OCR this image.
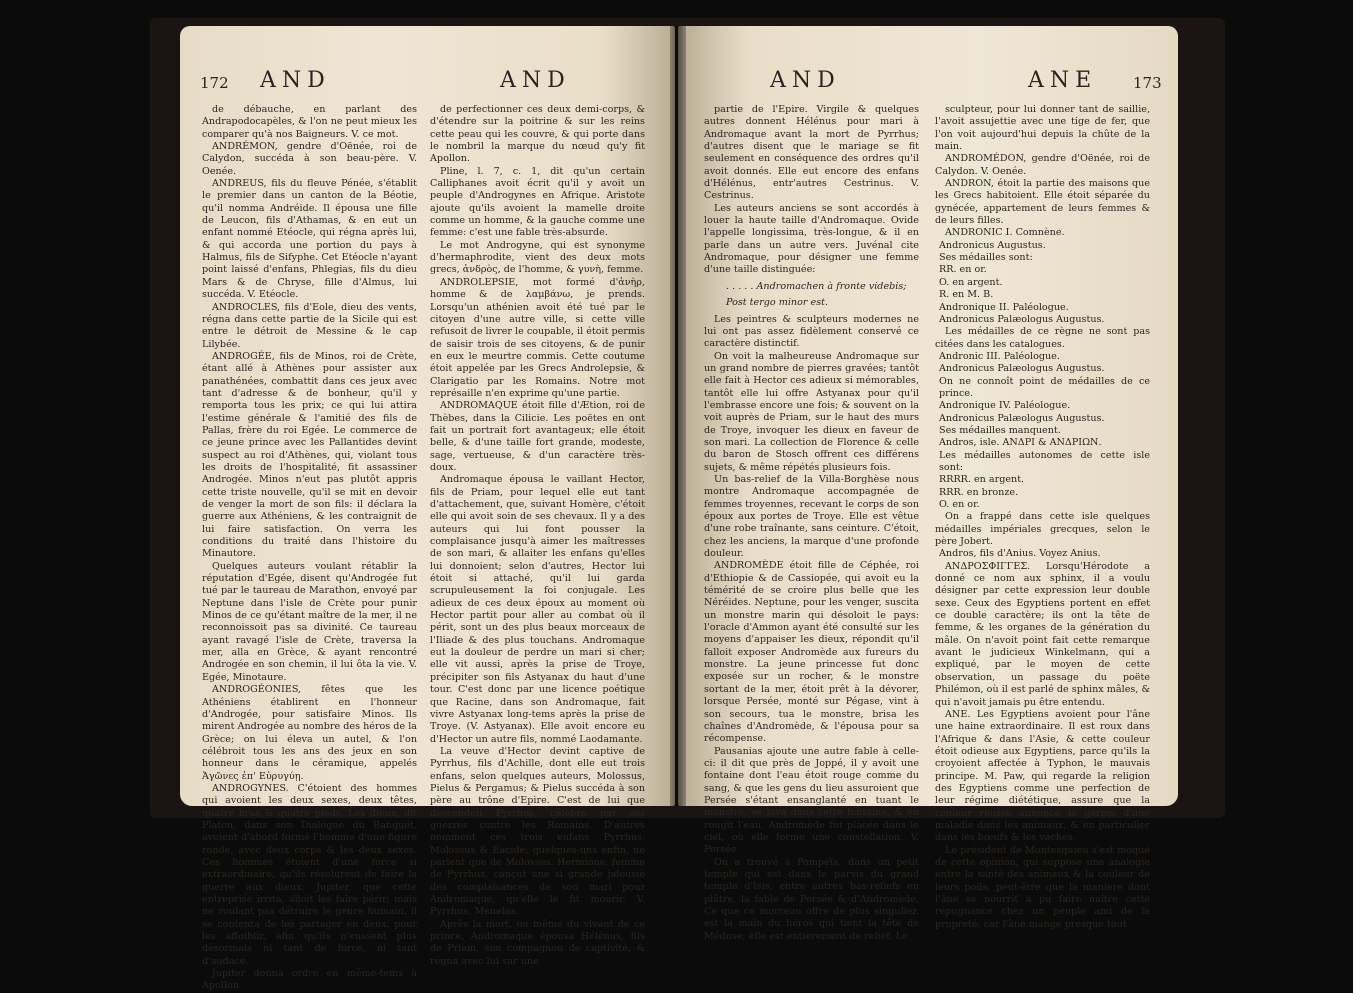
172 AND	AND

de débauche, en parlant des Andrapodocapèles, & l'on ne peut mieux les comparer qu'à nos Baigneurs. V. ce mot.

ANDRÉMON, gendre d'Oënée, roi de Calydon, succéda à son beau-père. V. Oenée.

ANDREUS, fils du fleuve Pénée, s'établit le premier dans un canton de la Béotie, qu'il nomma Andréide. Il épousa une fille de Leucon, fils d'Athamas, & en eut un enfant nommé Etéocle, qui régna après lui, & qui accorda une portion du pays à Halmus, fils de Sifyphe. Cet Etéocle n'ayant point laissé d'enfans, Phlegias, fils du dieu Mars & de Chryse, fille d'Almus, lui succéda. V. Etéocle.

ANDROCLES, fils d'Eole, dieu des vents, régna dans cette partie de la Sicile qui est entre le détroit de Messine & le cap Lilybée.

ANDROGÉE, fils de Minos, roi de Crète, étant allé à Athènes pour assister aux panathénées, combattit dans ces jeux avec tant d'adresse & de bonheur, qu'il y remporta tous les prix; ce qui lui attira l'estime générale & l'amitié des fils de Pallas, frère du roi Egée. Le commerce de ce jeune prince avec les Pallantides devint suspect au roi d'Athènes, qui, violant tous les droits de l'hospitalité, fit assassiner Androgée. Minos n'eut pas plutôt appris cette triste nouvelle, qu'il se mit en devoir de venger la mort de son fils: il déclara la guerre aux Athéniens, & les contraignit de lui faire satisfaction. On verra les conditions du traité dans l'histoire du Minautore.

Quelques auteurs voulant rétablir la réputation d'Egée, disent qu'Androgée fut tué par le taureau de Marathon, envoyé par Neptune dans l'isle de Crète pour punir Minos de ce qu'étant maître de la mer, il ne reconnoissoit pas sa divinité. Ce taureau ayant ravagé l'isle de Crète, traversa la mer, alla en Grèce, & ayant rencontré Androgée en son chemin, il lui ôta la vie. V. Egée, Minotaure.

ANDROGÉONIES, fêtes que les Athéniens établirent en l'honneur d'Androgée, pour satisfaire Minos. Ils mirent Androgée au nombre des héros de la Grèce; on lui éleva un autel, & l'on célébroit tous les ans des jeux en son honneur dans le céramique, appelés Ἀγῶνες ἐπ' Εὐρυγύῃ.

ANDROGYNES. C'étoient des hommes qui avoient les deux sexes, deux têtes, quatre bras & quatre pieds. Les dieux, dit Platon, dans son Dialogue du Banquet, avoient d'abord formé l'homme d'une figure ronde, avec deux corps & les deux sexes. Ces hommes étoient d'une force si extraordinaire, qu'ils résolurent de faire la guerre aux dieux. Jupiter, que cette entreprise irrita, alloit les faire périr; mais ne voulant pas détruire le genre humain, il se contenta de les partager en deux, pour les affoiblir, afin qu'ils n'eussent plus désormais ni tant de force, ni tant d'audace.

Jupiter donna ordre en même-tems à Apollon

de perfectionner ces deux demi-corps, & d'étendre sur la poitrine & sur les reins cette peau qui les couvre, & qui porte dans le nombril la marque du nœud qu'y fit Apollon.

Pline, l. 7, c. 1, dit qu'un certain Calliphanes avoit écrit qu'il y avoit un peuple d'Androgynes en Afrique. Aristote ajoute qu'ils avoient la mamelle droite comme un homme, & la gauche comme une femme: c'est une fable très-absurde.

Le mot Androgyne, qui est synonyme d'hermaphrodite, vient des deux mots grecs, ἀνδρὸς, de l'homme, & γυνὴ, femme.

ANDROLEPSIE, mot formé d'ἀνὴρ, homme & de λαμβάνω, je prends. Lorsqu'un athénien avoit été tué par le citoyen d'une autre ville, si cette ville refusoit de livrer le coupable, il étoit permis de saisir trois de ses citoyens, & de punir en eux le meurtre commis. Cette coutume étoit appelée par les Grecs Androlepsie, & Clarigatio par les Romains. Notre mot représaille n'en exprime qu'une partie.

ANDROMAQUE étoit fille d'Ætion, roi de Thèbes, dans la Cilicie. Les poëtes en ont fait un portrait fort avantageux; elle étoit belle, & d'une taille fort grande, modeste, sage, vertueuse, & d'un caractère très-doux.

Andromaque épousa le vaillant Hector, fils de Priam, pour lequel elle eut tant d'attachement, que, suivant Homère, c'étoit elle qui avoit soin de ses chevaux. Il y a des auteurs qui lui font pousser la complaisance jusqu'à aimer les maîtresses de son mari, & allaiter les enfans qu'elles lui donnoient; selon d'autres, Hector lui étoit si attaché, qu'il lui garda scrupuleusement la foi conjugale. Les adieux de ces deux époux au moment où Hector partit pour aller au combat où il périt, sont un des plus beaux morceaux de l'Iliade & des plus touchans. Andromaque eut la douleur de perdre un mari si cher; elle vit aussi, après la prise de Troye, précipiter son fils Astyanax du haut d'une tour. C'est donc par une licence poétique que Racine, dans son Andromaque, fait vivre Astyanax long-tems après la prise de Troye. (V. Astyanax). Elle avoit encore eu d'Hector un autre fils, nommé Laodamante.

La veuve d'Hector devint captive de Pyrrhus, fils d'Achille, dont elle eut trois enfans, selon quelques auteurs, Molossus, Pielus & Pergamus; & Pielus succéda à son père au trône d'Epire. C'est de lui que descendoit Pyrrhus, célèbre par ses guerres contre les Romains. D'autres nomment ces trois enfans Pyrrhus, Molossus & Eacide; quelques-uns enfin, ne parlent que de Molossus. Hermione, femme de Pyrrhus, conçut une si grande jalousie des complaisances de son mari pour Andromaque, qu'elle le fit mourir. V. Pyrrhus, Menelas.

Après la mort, ou même du vivant de ce prince, Andromaque épousa Hélénus, fils de Priam, son compagnon de captivité, & régna avec lui sur une

AND	ANE 173

partie de l'Epire. Virgile & quelques autres donnent Hélénus pour mari à Andromaque avant la mort de Pyrrhus; d'autres disent que le mariage se fit seulement en conséquence des ordres qu'il avoit donnés. Elle eut encore des enfans d'Hélénus, entr'autres Cestrinus. V. Cestrinus.

Les auteurs anciens se sont accordés à louer la haute taille d'Andromaque. Ovide l'appelle longissima, très-longue, & il en parle dans un autre vers. Juvénal cite Andromaque, pour désigner une femme d'une taille distinguée:

. . . . . Andromachen à fronte videbis;

Post tergo minor est.

Les peintres & sculpteurs modernes ne lui ont pas assez fidèlement conservé ce caractère distinctif.

On voit la malheureuse Andromaque sur un grand nombre de pierres gravées; tantôt elle fait à Hector ces adieux si mémorables, tantôt elle lui offre Astyanax pour qu'il l'embrasse encore une fois; & souvent on la voit auprès de Priam, sur le haut des murs de Troye, invoquer les dieux en faveur de son mari. La collection de Florence & celle du baron de Stosch offrent ces différens sujets, & même répétés plusieurs fois.

Un bas-relief de la Villa-Borghèse nous montre Andromaque accompagnée de femmes troyennes, recevant le corps de son époux aux portes de Troye. Elle est vêtue d'une robe traînante, sans ceinture. C'étoit, chez les anciens, la marque d'une profonde douleur.

ANDROMÈDE étoit fille de Céphée, roi d'Ethiopie & de Cassiopée, qui avoit eu la témérité de se croire plus belle que les Néréides. Neptune, pour les venger, suscita un monstre marin qui désoloit le pays: l'oracle d'Ammon ayant été consulté sur les moyens d'appaiser les dieux, répondit qu'il falloit exposer Andromède aux fureurs du monstre. La jeune princesse fut donc exposée sur un rocher, & le monstre sortant de la mer, étoit prêt à la dévorer, lorsque Persée, monté sur Pégase, vint à son secours, tua le monstre, brisa les chaînes d'Andromède, & l'épousa pour sa récompense.

Pausanias ajoute une autre fable à celle-ci: il dit que près de Joppé, il y avoit une fontaine dont l'eau étoit rouge comme du sang, & que les gens du lieu assuroient que Persée s'étant ensanglanté en tuant le monstre, se lava dans cette fontaine, & en rougit l'eau. Andromède fut placée dans le ciel, où elle forme une constellation. V. Persée.

On a trouvé à Pompeïa, dans un petit temple qui est dans le parvis du grand temple d'Isis, entre autres bas-reliefs en plâtre, la fable de Persée & d'Andromède. Ce que ce morceau offre de plus singulier, est la main du héros qui tient la tête de Méduse; elle est entièrement de relief. Le

sculpteur, pour lui donner tant de saillie, l'avoit assujettie avec une tige de fer, que l'on voit aujourd'hui depuis la chûte de la main.

ANDROMÉDON, gendre d'Oënée, roi de Calydon. V. Oenée.

ANDRON, étoit la partie des maisons que les Grecs habitoient. Elle étoit séparée du gynécée, appartement de leurs femmes & de leurs filles.

ANDRONIC I. Comnène.

Andronicus Augustus.

Ses médailles sont:

RR. en or.

O. en argent.

R. en M. B.

Andronique II. Paléologue.

Andronicus Palæologus Augustus.

Les médailles de ce règne ne sont pas citées dans les catalogues.

Andronic III. Paléologue.

Andronicus Palæologus Augustus.

On ne connoît point de médailles de ce prince.

Andronique IV. Paléologue.

Andronicus Palæologus Augustus.

Ses médailles manquent.

Andros, isle. ΑΝΔΡΙ & ΑΝΔΡΙΩΝ.

Les médailles autonomes de cette isle sont:

RRRR. en argent.

RRR. en bronze.

O. en or.

On a frappé dans cette isle quelques médailles impériales grecques, selon le père Jobert.

Andros, fils d'Anius. Voyez Anius.

ΑΝΔΡΟΣΦΙΓΓΕΣ. Lorsqu'Hérodote a donné ce nom aux sphinx, il a voulu désigner par cette expression leur double sexe. Ceux des Egyptiens portent en effet ce double caractère; ils ont la tête de femme, & les organes de la génération du mâle. On n'avoit point fait cette remarque avant le judicieux Winkelmann, qui a expliqué, par le moyen de cette observation, un passage du poëte Philémon, où il est parlé de sphinx mâles, & qui n'avoit jamais pu être entendu.

ANE. Les Egyptiens avoient pour l'âne une haine extraordinaire. Il est roux dans l'Afrique & dans l'Asie, & cette couleur étoit odieuse aux Egyptiens, parce qu'ils la croyoient affectée à Typhon, le mauvais principe. M. Paw, qui regarde la religion des Egyptiens comme une perfection de leur régime diététique, assure que la couleur rousse annonce le germe d'une maladie dans les animaux, & en particulier dans les bœufs & les vaches.

Le président de Montesquieu s'est moqué de cette opinion, qui suppose une analogie entre la santé des animaux & la couleur de leurs poils; peut-être que la manière dont l'âne se nourrit a pu faire naître cette répugnance chez un peuple ami de la propreté; car l'âne mange presque tout
